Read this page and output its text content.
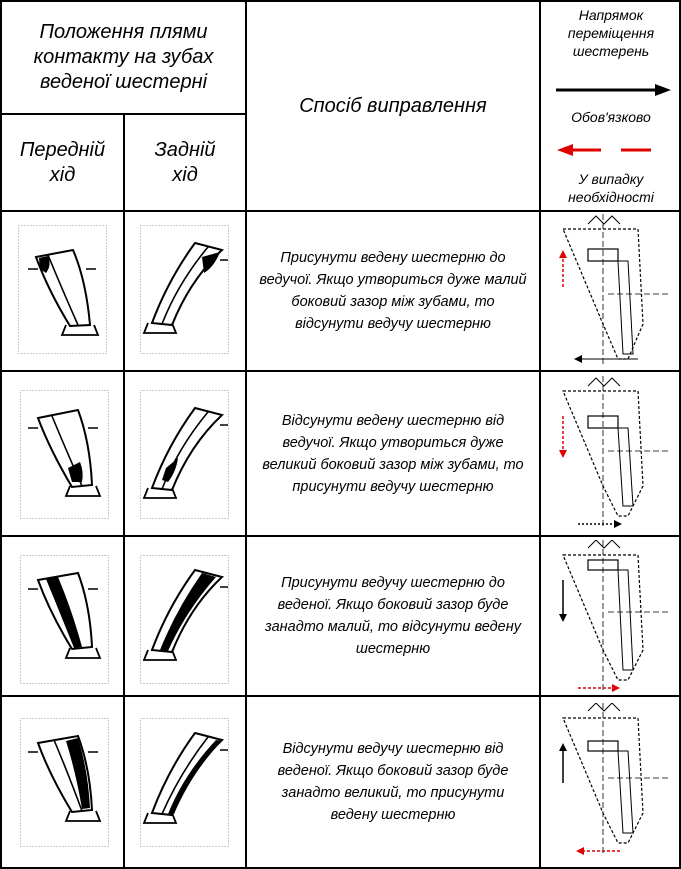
Положення плями контакту на зубах веденої шестерні
Передній хід
Задній хід
Спосіб виправлення
Напрямок переміщення шестерень
Обов'язково
У випадку необхідності
Присунути ведену шестерню до ведучої. Якщо утвориться дуже малий боковий зазор між зубами, то відсунути ведучу шестерню
Відсунути ведену шестерню від ведучої. Якщо утвориться дуже великий боковий зазор між зубами, то присунути ведучу шестерню
Присунути ведучу шестерню до веденої. Якщо боковий зазор буде занадто малий, то відсунути ведену шестерню
Відсунути ведучу шестерню від веденої. Якщо боковий зазор буде занадто великий, то присунути ведену шестерню
